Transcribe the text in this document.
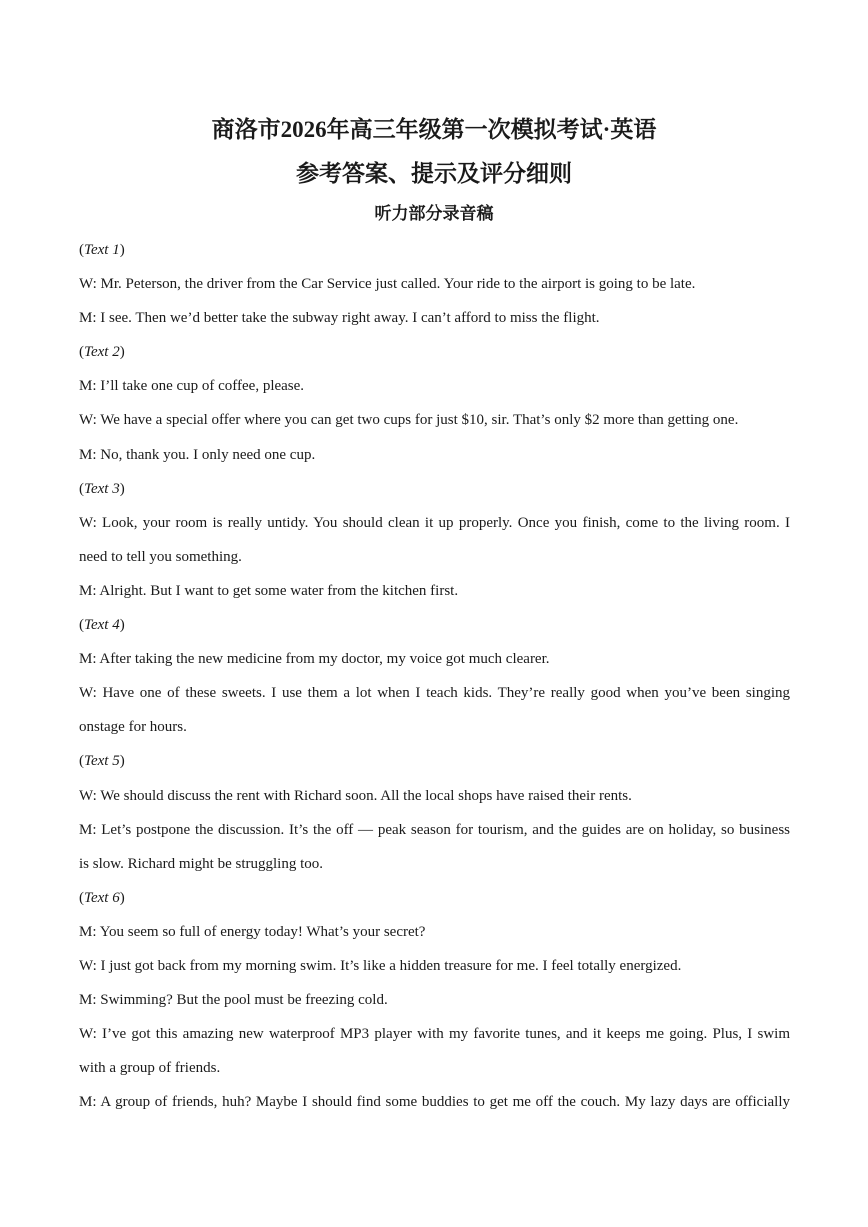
商洛市2026年高三年级第一次模拟考试·英语
参考答案、提示及评分细则
听力部分录音稿
(Text 1)
W: Mr. Peterson, the driver from the Car Service just called. Your ride to the airport is going to be late.
M: I see. Then we’d better take the subway right away. I can’t afford to miss the flight.
(Text 2)
M: I’ll take one cup of coffee, please.
W: We have a special offer where you can get two cups for just $10, sir. That’s only $2 more than getting one.
M: No, thank you. I only need one cup.
(Text 3)
W: Look, your room is really untidy. You should clean it up properly. Once you finish, come to the living room. I
need to tell you something.
M: Alright. But I want to get some water from the kitchen first.
(Text 4)
M: After taking the new medicine from my doctor, my voice got much clearer.
W: Have one of these sweets. I use them a lot when I teach kids. They’re really good when you’ve been singing
onstage for hours.
(Text 5)
W: We should discuss the rent with Richard soon. All the local shops have raised their rents.
M: Let’s postpone the discussion. It’s the off — peak season for tourism, and the guides are on holiday, so business
is slow. Richard might be struggling too.
(Text 6)
M: You seem so full of energy today! What’s your secret?
W: I just got back from my morning swim. It’s like a hidden treasure for me. I feel totally energized.
M: Swimming? But the pool must be freezing cold.
W: I’ve got this amazing new waterproof MP3 player with my favorite tunes, and it keeps me going. Plus, I swim
with a group of friends.
M: A group of friends, huh? Maybe I should find some buddies to get me off the couch. My lazy days are officially
